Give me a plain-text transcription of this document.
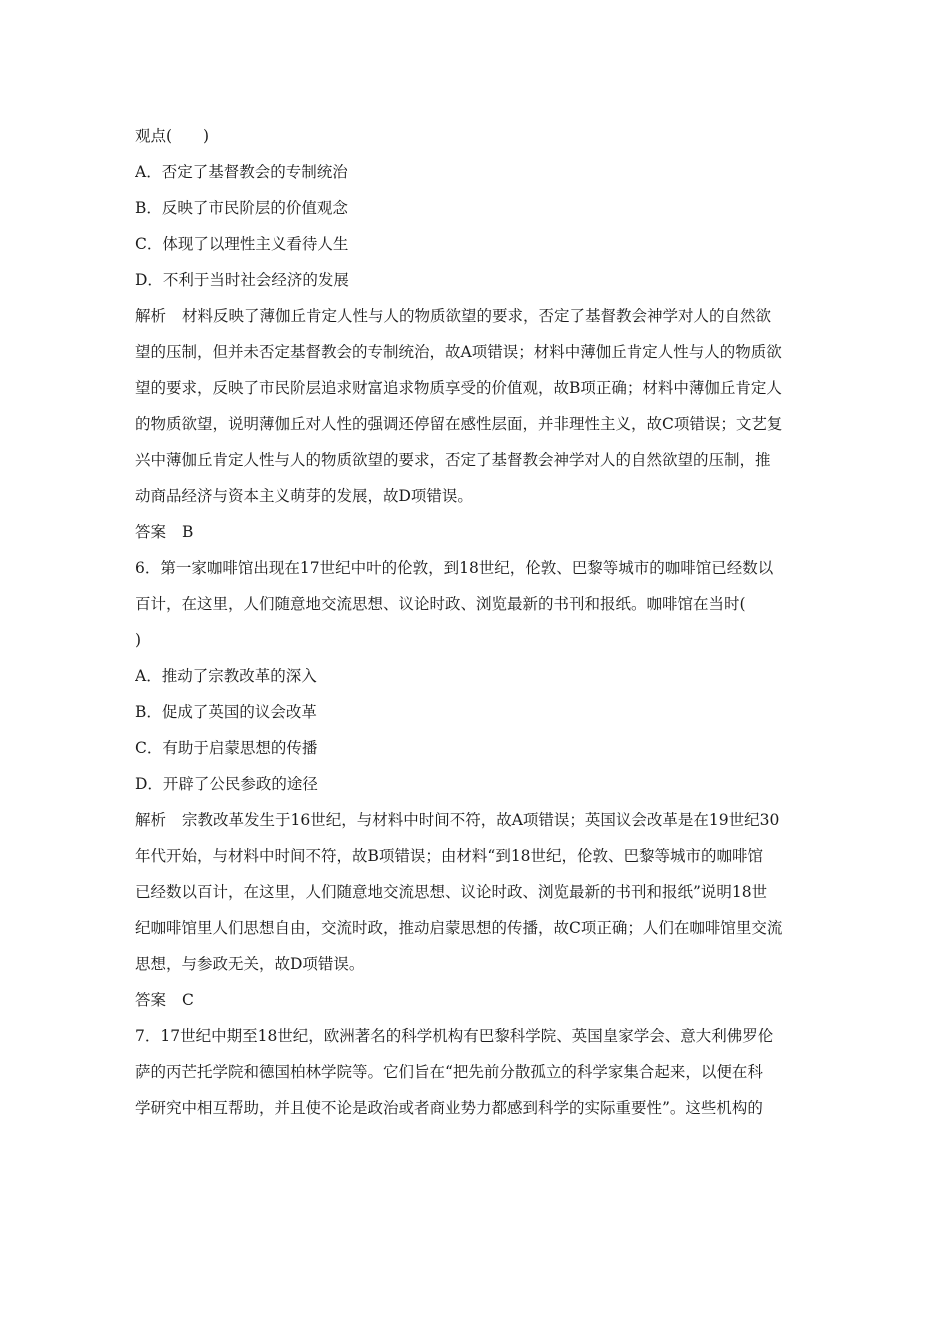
观点(　　)
A．否定了基督教会的专制统治
B．反映了市民阶层的价值观念
C．体现了以理性主义看待人生
D．不利于当时社会经济的发展
解析 材料反映了薄伽丘肯定人性与人的物质欲望的要求，否定了基督教会神学对人的自然欲
望的压制，但并未否定基督教会的专制统治，故A项错误；材料中薄伽丘肯定人性与人的物质欲
望的要求，反映了市民阶层追求财富追求物质享受的价值观，故B项正确；材料中薄伽丘肯定人
的物质欲望，说明薄伽丘对人性的强调还停留在感性层面，并非理性主义，故C项错误；文艺复
兴中薄伽丘肯定人性与人的物质欲望的要求，否定了基督教会神学对人的自然欲望的压制，推
动商品经济与资本主义萌芽的发展，故D项错误。
答案 B
6．第一家咖啡馆出现在17世纪中叶的伦敦，到18世纪，伦敦、巴黎等城市的咖啡馆已经数以
百计，在这里，人们随意地交流思想、议论时政、浏览最新的书刊和报纸。咖啡馆在当时(
)
A．推动了宗教改革的深入
B．促成了英国的议会改革
C．有助于启蒙思想的传播
D．开辟了公民参政的途径
解析 宗教改革发生于16世纪，与材料中时间不符，故A项错误；英国议会改革是在19世纪30
年代开始，与材料中时间不符，故B项错误；由材料“到18世纪，伦敦、巴黎等城市的咖啡馆
已经数以百计，在这里，人们随意地交流思想、议论时政、浏览最新的书刊和报纸”说明18世
纪咖啡馆里人们思想自由，交流时政，推动启蒙思想的传播，故C项正确；人们在咖啡馆里交流
思想，与参政无关，故D项错误。
答案 C
7．17世纪中期至18世纪，欧洲著名的科学机构有巴黎科学院、英国皇家学会、意大利佛罗伦
萨的丙芒托学院和德国柏林学院等。它们旨在“把先前分散孤立的科学家集合起来，以便在科
学研究中相互帮助，并且使不论是政治或者商业势力都感到科学的实际重要性”。这些机构的
